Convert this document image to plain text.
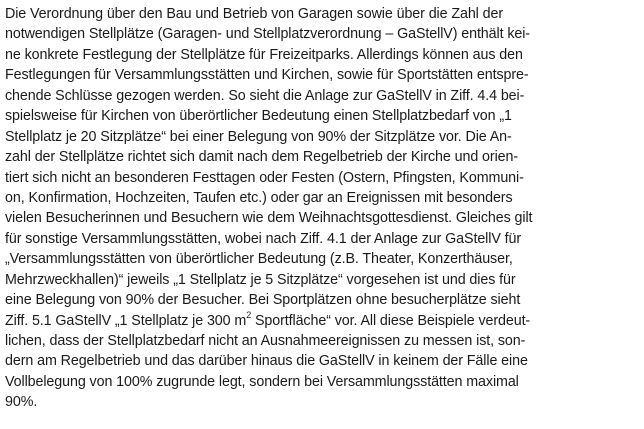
Die Verordnung über den Bau und Betrieb von Garagen sowie über die Zahl der
notwendigen Stellplätze (Garagen- und Stellplatzverordnung – GaStellV) enthält kei-
ne konkrete Festlegung der Stellplätze für Freizeitparks. Allerdings können aus den
Festlegungen für Versammlungsstätten und Kirchen, sowie für Sportstätten entspre-
chende Schlüsse gezogen werden. So sieht die Anlage zur GaStellV in Ziff. 4.4 bei-
spielsweise für Kirchen von überörtlicher Bedeutung einen Stellplatzbedarf von „1
Stellplatz je 20 Sitzplätze“ bei einer Belegung von 90% der Sitzplätze vor. Die An-
zahl der Stellplätze richtet sich damit nach dem Regelbetrieb der Kirche und orien-
tiert sich nicht an besonderen Festtagen oder Festen (Ostern, Pfingsten, Kommuni-
on, Konfirmation, Hochzeiten, Taufen etc.) oder gar an Ereignissen mit besonders
vielen Besucherinnen und Besuchern wie dem Weihnachtsgottesdienst. Gleiches gilt
für sonstige Versammlungsstätten, wobei nach Ziff. 4.1 der Anlage zur GaStellV für
„Versammlungsstätten von überörtlicher Bedeutung (z.B. Theater, Konzerthäuser,
Mehrzweckhallen)“ jeweils „1 Stellplatz je 5 Sitzplätze“ vorgesehen ist und dies für
eine Belegung von 90% der Besucher. Bei Sportplätzen ohne besucherplätze sieht
Ziff. 5.1 GaStellV „1 Stellplatz je 300 $m^2$ Sportfläche“ vor. All diese Beispiele verdeut-
lichen, dass der Stellplatzbedarf nicht an Ausnahmeereignissen zu messen ist, son-
dern am Regelbetrieb und das darüber hinaus die GaStellV in keinem der Fälle eine
Vollbelegung von 100% zugrunde legt, sondern bei Versammlungsstätten maximal
90%.
